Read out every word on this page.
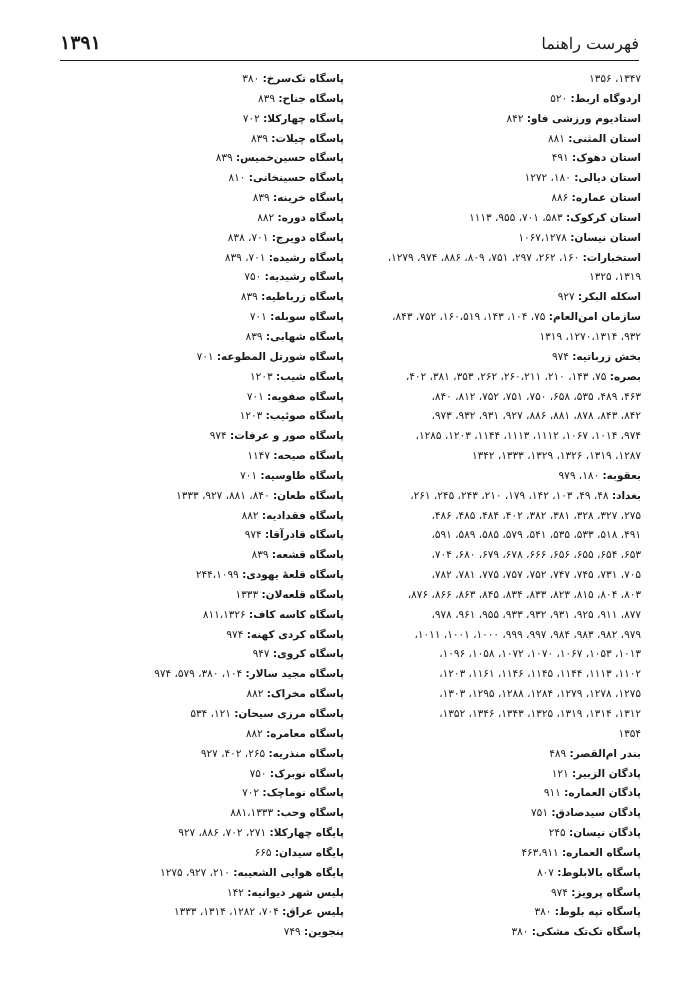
فهرست راهنما
۱۳۹۱
۱۳۴۷، ۱۳۵۶
اردوگاه اربط: ۵۲۰
استادیوم ورزشی فاو: ۸۴۲
استان المثنی: ۸۸۱
استان دهوک: ۴۹۱
استان دیالی: ۱۸۰، ۱۲۷۲
استان عماره: ۸۸۶
استان کرکوک: ۵۸۳، ۷۰۱، ۹۵۵، ۱۱۱۳
استان نیسان: ۱۰۶۷،۱۲۷۸
استخبارات: ۱۶۰، ۲۶۲، ۲۹۷، ۷۵۱، ۸۰۹، ۸۸۶، ۹۷۴، ۱۲۷۹،
۱۳۱۹، ۱۳۲۵
اسکله البکر: ۹۲۷
سازمان امن‌العام: ۷۵، ۱۰۴، ۱۴۳، ۱۶۰،۵۱۹، ۷۵۲، ۸۴۳،
۹۳۲، ۱۲۷۰،۱۳۱۴، ۱۳۱۹
بخش زرباتیه: ۹۷۴
بصره: ۷۵، ۱۴۳، ۲۱۰، ۲۶۰،۲۱۱، ۲۶۲، ۳۵۳، ۳۸۱، ۴۰۲،
۴۶۳، ۴۸۹، ۵۳۵، ۶۵۸، ۷۵۰، ۷۵۱، ۷۵۲، ۸۱۲، ۸۴۰،
۸۴۲، ۸۴۳، ۸۷۸، ۸۸۱، ۸۸۶، ۹۲۷، ۹۳۱، ۹۳۲، ۹۷۳،
۹۷۴، ۱۰۱۴، ۱۰۶۷، ۱۱۱۲، ۱۱۱۳، ۱۱۴۴، ۱۲۰۳، ۱۲۸۵،
۱۲۸۷، ۱۳۱۹، ۱۳۲۶، ۱۳۲۹، ۱۳۳۳، ۱۳۴۲
بعقوبه: ۱۸۰، ۹۷۹
بغداد: ۴۸، ۴۹، ۱۰۳، ۱۴۲، ۱۷۹، ۲۱۰، ۲۴۳، ۲۴۵، ۲۶۱،
۲۷۵، ۳۲۷، ۳۲۸، ۳۸۱، ۳۸۲، ۴۰۲، ۴۸۴، ۴۸۵، ۴۸۶،
۴۹۱، ۵۱۸، ۵۳۳، ۵۳۵، ۵۴۱، ۵۷۹، ۵۸۵، ۵۸۹، ۵۹۱،
۶۵۳، ۶۵۴، ۶۵۵، ۶۵۶، ۶۶۶، ۶۷۸، ۶۷۹، ۶۸۰، ۷۰۴،
۷۰۵، ۷۳۱، ۷۴۵، ۷۴۷، ۷۵۲، ۷۵۷، ۷۷۵، ۷۸۱، ۷۸۲،
۸۰۳، ۸۰۴، ۸۱۵، ۸۲۳، ۸۳۳، ۸۳۴، ۸۴۵، ۸۶۳، ۸۶۶، ۸۷۶،
۸۷۷، ۹۱۱، ۹۲۵، ۹۳۱، ۹۳۲، ۹۳۳، ۹۵۵، ۹۶۱، ۹۷۸،
۹۷۹، ۹۸۲، ۹۸۳، ۹۸۴، ۹۹۷، ۹۹۹، ۱۰۰۰، ۱۰۰۱، ۱۰۱۱،
۱۰۱۳، ۱۰۵۳، ۱۰۶۷، ۱۰۷۰، ۱۰۷۲، ۱۰۵۸، ۱۰۹۶،
۱۱۰۲، ۱۱۱۳، ۱۱۴۴، ۱۱۴۵، ۱۱۴۶، ۱۱۶۱، ۱۲۰۳،
۱۲۷۵، ۱۲۷۸، ۱۲۷۹، ۱۲۸۴، ۱۲۸۸، ۱۲۹۵، ۱۳۰۳،
۱۳۱۲، ۱۳۱۴، ۱۳۱۹، ۱۳۲۵، ۱۳۴۳، ۱۳۴۶، ۱۳۵۲،
۱۳۵۴
بندر ام‌القصر: ۴۸۹
پادگان الزبیر: ۱۲۱
پادگان العماره: ۹۱۱
پادگان سیدصادق: ۷۵۱
پادگان نیسان: ۲۴۵
پاسگاه العماره: ۴۶۳،۹۱۱
پاسگاه بالابلوط: ۸۰۷
پاسگاه پرویز: ۹۷۴
پاسگاه تپه بلوط: ۳۸۰
پاسگاه تک‌تک مشکی: ۳۸۰
پاسگاه تک‌سرخ: ۳۸۰
پاسگاه جناح: ۸۳۹
پاسگاه چهارکلا: ۷۰۲
پاسگاه چیلات: ۸۳۹
پاسگاه حسین‌خمیس: ۸۳۹
پاسگاه حسینخانی: ۸۱۰
پاسگاه خرینه: ۸۳۹
پاسگاه دوره: ۸۸۲
پاسگاه دویرج: ۷۰۱، ۸۳۸
پاسگاه رشیده: ۷۰۱، ۸۳۹
پاسگاه رشیدیه: ۷۵۰
پاسگاه زرباطیه: ۸۳۹
پاسگاه سوبله: ۷۰۱
پاسگاه شهابی: ۸۳۹
پاسگاه شورتل المطوعه: ۷۰۱
پاسگاه شیب: ۱۲۰۳
پاسگاه صفویه: ۷۰۱
پاسگاه صوئیب: ۱۲۰۳
پاسگاه صور و عرفات: ۹۷۴
پاسگاه صیحه: ۱۱۴۷
پاسگاه طاوسیه: ۷۰۱
پاسگاه طعان: ۸۴۰، ۸۸۱، ۹۲۷، ۱۳۳۳
پاسگاه فقدادیه: ۸۸۲
پاسگاه قادرآقا: ۹۷۴
پاسگاه قشعه: ۸۳۹
پاسگاه قلعهٔ یهودی: ۲۴۴،۱۰۹۹
پاسگاه قلعه‌لان: ۱۳۳۳
پاسگاه کاسه کاف: ۸۱۱،۱۳۲۶
پاسگاه کردی کهنه: ۹۷۴
پاسگاه کروی: ۹۴۷
پاسگاه مجید سالار: ۱۰۴، ۳۸۰، ۵۷۹، ۹۷۴
پاسگاه مخراک: ۸۸۲
پاسگاه مرزی سیحان: ۱۲۱، ۵۳۴
پاسگاه معامره: ۸۸۲
پاسگاه منذریه: ۲۶۵، ۴۰۲، ۹۲۷
پاسگاه نوبرک: ۷۵۰
پاسگاه نوماچک: ۷۰۲
پاسگاه وحب: ۸۸۱،۱۳۳۳
پایگاه چهارکلا: ۲۷۱، ۷۰۲، ۸۸۶، ۹۲۷
پایگاه سیدان: ۶۶۵
پایگاه هوایی الشعیبه: ۲۱۰، ۹۲۷، ۱۲۷۵
پلیس شهر دیوانیه: ۱۴۲
پلیس عراق: ۷۰۴، ۱۲۸۲، ۱۳۱۴، ۱۳۳۳
پنجوین: ۷۴۹
